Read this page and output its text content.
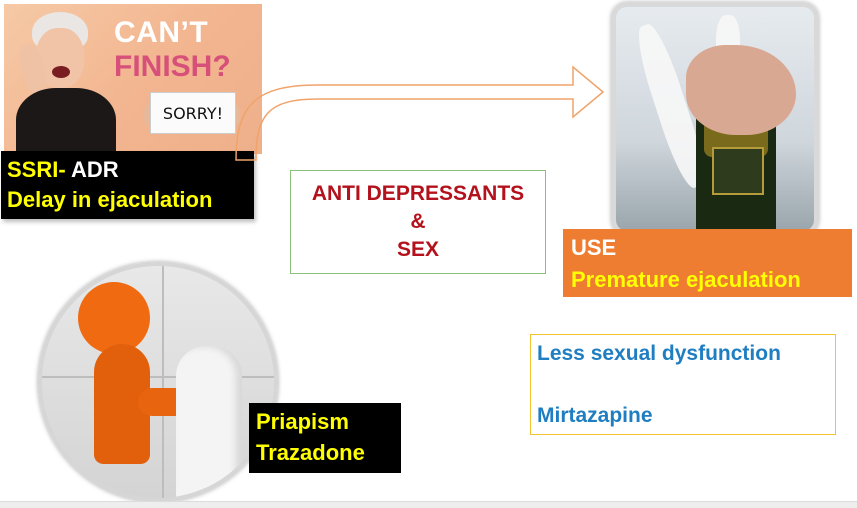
CAN’T
FINISH?
SORRY!
SSRI- ADR
Delay in ejaculation	ANTI DEPRESSANTS
&
SEX	USE
Premature ejaculation
Less sexual dysfunction
Mirtazapine
Priapism
Trazadone
